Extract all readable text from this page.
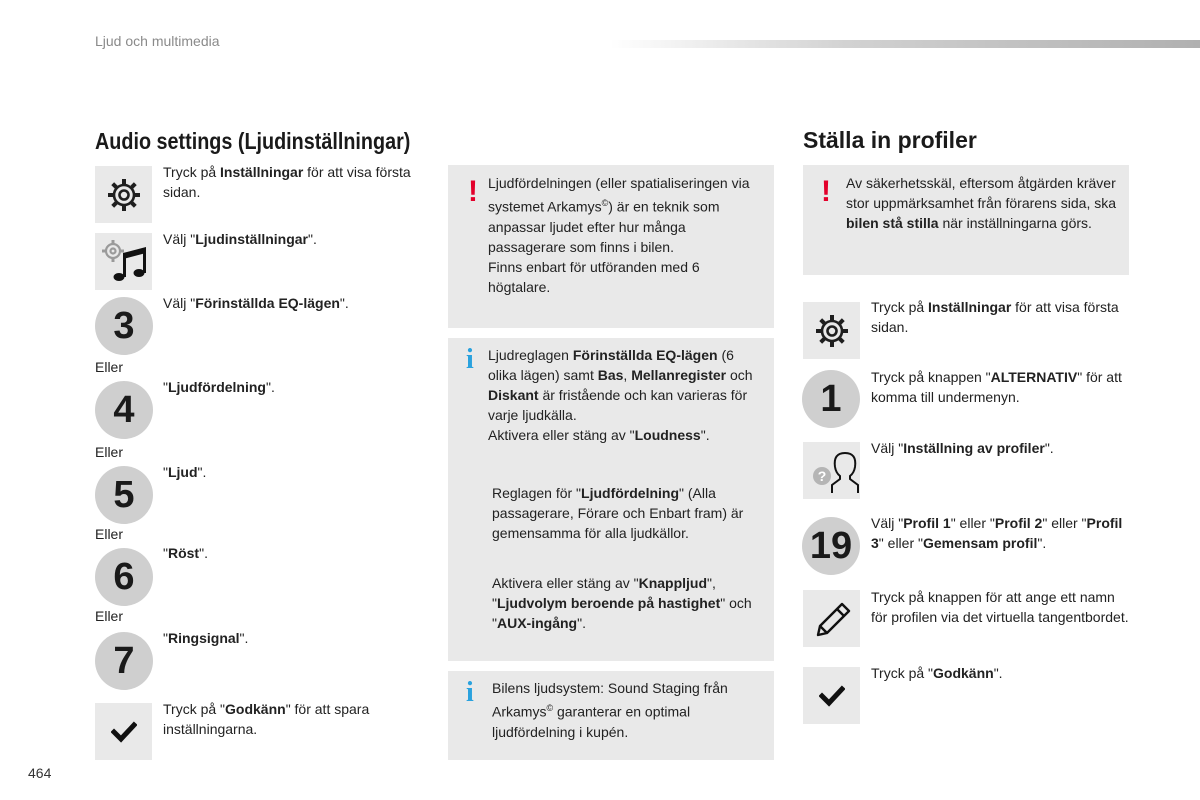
Ljud och multimedia
Audio settings (Ljudinställningar)
Tryck på Inställningar för att visa första sidan.
Välj "Ljudinställningar".
3
Välj "Förinställda EQ-lägen".
Eller
4
"Ljudfördelning".
Eller
5
"Ljud".
Eller
6
"Röst".
Eller
7
"Ringsignal".
Tryck på "Godkänn" för att spara inställningarna.
! Ljudfördelningen (eller spatialiseringen via systemet Arkamys©) är en teknik som anpassar ljudet efter hur många passagerare som finns i bilen.
Finns enbart för utföranden med 6 högtalare.
i Ljudreglagen Förinställda EQ-lägen (6 olika lägen) samt Bas, Mellanregister och Diskant är fristående och kan varieras för varje ljudkälla.
Aktivera eller stäng av "Loudness".
Reglagen för "Ljudfördelning" (Alla passagerare, Förare och Enbart fram) är gemensamma för alla ljudkällor.
Aktivera eller stäng av "Knappljud", "Ljudvolym beroende på hastighet" och "AUX-ingång".
i Bilens ljudsystem: Sound Staging från Arkamys© garanterar en optimal ljudfördelning i kupén.
Ställa in profiler
! Av säkerhetsskäl, eftersom åtgärden kräver stor uppmärksamhet från förarens sida, ska bilen stå stilla när inställningarna görs.
Tryck på Inställningar för att visa första sidan.
1
Tryck på knappen "ALTERNATIV" för att komma till undermenyn.
?
Välj "Inställning av profiler".
19
Välj "Profil 1" eller "Profil 2" eller "Profil 3" eller "Gemensam profil".
Tryck på knappen för att ange ett namn för profilen via det virtuella tangentbordet.
Tryck på "Godkänn".
464
